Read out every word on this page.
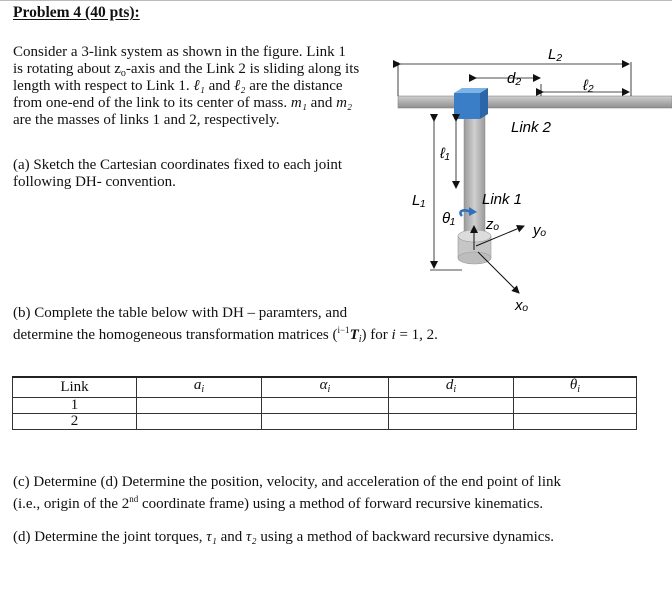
Problem 4 (40 pts):
Consider a 3-link system as shown in the figure. Link 1
is rotating about $z_o$-axis and the Link 2 is sliding along its
length with respect to Link 1. ℓ₁ and ℓ₂ are the distance
from one-end of the link to its center of mass. m₁ and m₂
are the masses of links 1 and 2, respectively.
(a) Sketch the Cartesian coordinates fixed to each joint
following DH- convention.
(b) Complete the table below with DH – paramters, and
determine the homogeneous transformation matrices $(^{i-1}T_i)$ for i = 1, 2.
Link	$a_i$	$\alpha_i$	$d_i$	$\theta_i$
1				
2				
(c) Determine (d) Determine the position, velocity, and acceleration of the end point of link
(i.e., origin of the 2nd coordinate frame) using a method of forward recursive kinematics.
(d) Determine the joint torques, τ₁ and τ₂ using a method of backward recursive dynamics.
L₂
d₂	ℓ₂
Link 2
ℓ₁
L₁
θ₁
Link 1
zₒ yₒ
xₒ
